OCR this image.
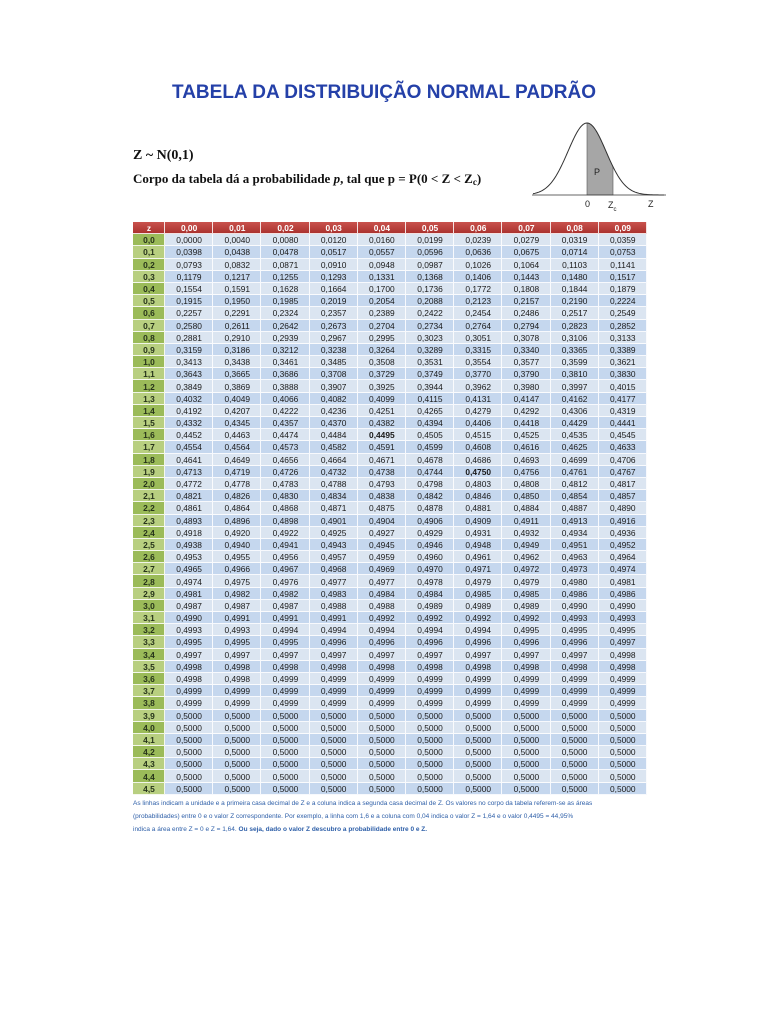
TABELA DA DISTRIBUIÇÃO NORMAL PADRÃO
Z ~ N(0,1)
Corpo da tabela dá a probabilidade p, tal que $p = P(0 < Z < Z_c)$	P
0 $Z_c$
Z
z	0,00	0,01	0,02	0,03	0,04	0,05	0,06	0,07	0,08	0,09
0,0	0,0000	0,0040	0,0080	0,0120	0,0160	0,0199	0,0239	0,0279	0,0319	0,0359
0,1	0,0398	0,0438	0,0478	0,0517	0,0557	0,0596	0,0636	0,0675	0,0714	0,0753
0,2	0,0793	0,0832	0,0871	0,0910	0,0948	0,0987	0,1026	0,1064	0,1103	0,1141
0,3	0,1179	0,1217	0,1255	0,1293	0,1331	0,1368	0,1406	0,1443	0,1480	0,1517
0,4	0,1554	0,1591	0,1628	0,1664	0,1700	0,1736	0,1772	0,1808	0,1844	0,1879
0,5	0,1915	0,1950	0,1985	0,2019	0,2054	0,2088	0,2123	0,2157	0,2190	0,2224
0,6	0,2257	0,2291	0,2324	0,2357	0,2389	0,2422	0,2454	0,2486	0,2517	0,2549
0,7	0,2580	0,2611	0,2642	0,2673	0,2704	0,2734	0,2764	0,2794	0,2823	0,2852
0,8	0,2881	0,2910	0,2939	0,2967	0,2995	0,3023	0,3051	0,3078	0,3106	0,3133
0,9	0,3159	0,3186	0,3212	0,3238	0,3264	0,3289	0,3315	0,3340	0,3365	0,3389
1,0	0,3413	0,3438	0,3461	0,3485	0,3508	0,3531	0,3554	0,3577	0,3599	0,3621
1,1	0,3643	0,3665	0,3686	0,3708	0,3729	0,3749	0,3770	0,3790	0,3810	0,3830
1,2	0,3849	0,3869	0,3888	0,3907	0,3925	0,3944	0,3962	0,3980	0,3997	0,4015
1,3	0,4032	0,4049	0,4066	0,4082	0,4099	0,4115	0,4131	0,4147	0,4162	0,4177
1,4	0,4192	0,4207	0,4222	0,4236	0,4251	0,4265	0,4279	0,4292	0,4306	0,4319
1,5	0,4332	0,4345	0,4357	0,4370	0,4382	0,4394	0,4406	0,4418	0,4429	0,4441
1,6	0,4452	0,4463	0,4474	0,4484	0,4495	0,4505	0,4515	0,4525	0,4535	0,4545
1,7	0,4554	0,4564	0,4573	0,4582	0,4591	0,4599	0,4608	0,4616	0,4625	0,4633
1,8	0,4641	0,4649	0,4656	0,4664	0,4671	0,4678	0,4686	0,4693	0,4699	0,4706
1,9	0,4713	0,4719	0,4726	0,4732	0,4738	0,4744	0,4750	0,4756	0,4761	0,4767
2,0	0,4772	0,4778	0,4783	0,4788	0,4793	0,4798	0,4803	0,4808	0,4812	0,4817
2,1	0,4821	0,4826	0,4830	0,4834	0,4838	0,4842	0,4846	0,4850	0,4854	0,4857
2,2	0,4861	0,4864	0,4868	0,4871	0,4875	0,4878	0,4881	0,4884	0,4887	0,4890
2,3	0,4893	0,4896	0,4898	0,4901	0,4904	0,4906	0,4909	0,4911	0,4913	0,4916
2,4	0,4918	0,4920	0,4922	0,4925	0,4927	0,4929	0,4931	0,4932	0,4934	0,4936
2,5	0,4938	0,4940	0,4941	0,4943	0,4945	0,4946	0,4948	0,4949	0,4951	0,4952
2,6	0,4953	0,4955	0,4956	0,4957	0,4959	0,4960	0,4961	0,4962	0,4963	0,4964
2,7	0,4965	0,4966	0,4967	0,4968	0,4969	0,4970	0,4971	0,4972	0,4973	0,4974
2,8	0,4974	0,4975	0,4976	0,4977	0,4977	0,4978	0,4979	0,4979	0,4980	0,4981
2,9	0,4981	0,4982	0,4982	0,4983	0,4984	0,4984	0,4985	0,4985	0,4986	0,4986
3,0	0,4987	0,4987	0,4987	0,4988	0,4988	0,4989	0,4989	0,4989	0,4990	0,4990
3,1	0,4990	0,4991	0,4991	0,4991	0,4992	0,4992	0,4992	0,4992	0,4993	0,4993
3,2	0,4993	0,4993	0,4994	0,4994	0,4994	0,4994	0,4994	0,4995	0,4995	0,4995
3,3	0,4995	0,4995	0,4995	0,4996	0,4996	0,4996	0,4996	0,4996	0,4996	0,4997
3,4	0,4997	0,4997	0,4997	0,4997	0,4997	0,4997	0,4997	0,4997	0,4997	0,4998
3,5	0,4998	0,4998	0,4998	0,4998	0,4998	0,4998	0,4998	0,4998	0,4998	0,4998
3,6	0,4998	0,4998	0,4999	0,4999	0,4999	0,4999	0,4999	0,4999	0,4999	0,4999
3,7	0,4999	0,4999	0,4999	0,4999	0,4999	0,4999	0,4999	0,4999	0,4999	0,4999
3,8	0,4999	0,4999	0,4999	0,4999	0,4999	0,4999	0,4999	0,4999	0,4999	0,4999
3,9	0,5000	0,5000	0,5000	0,5000	0,5000	0,5000	0,5000	0,5000	0,5000	0,5000
4,0	0,5000	0,5000	0,5000	0,5000	0,5000	0,5000	0,5000	0,5000	0,5000	0,5000
4,1	0,5000	0,5000	0,5000	0,5000	0,5000	0,5000	0,5000	0,5000	0,5000	0,5000
4,2	0,5000	0,5000	0,5000	0,5000	0,5000	0,5000	0,5000	0,5000	0,5000	0,5000
4,3	0,5000	0,5000	0,5000	0,5000	0,5000	0,5000	0,5000	0,5000	0,5000	0,5000
4,4	0,5000	0,5000	0,5000	0,5000	0,5000	0,5000	0,5000	0,5000	0,5000	0,5000
4,5	0,5000	0,5000	0,5000	0,5000	0,5000	0,5000	0,5000	0,5000	0,5000	0,5000
As linhas indicam a unidade e a primeira casa decimal de Z e a coluna indica a segunda casa decimal de Z. Os valores no corpo da tabela referem-se as áreas
(probabilidades) entre 0 e o valor Z correspondente. Por exemplo, a linha com 1,6 e a coluna com 0,04 indica o valor Z = 1,64 e o valor 0,4495 = 44,95%
indica a área entre Z = 0 e Z = 1,64. Ou seja, dado o valor Z descubro a probabilidade entre 0 e Z.
